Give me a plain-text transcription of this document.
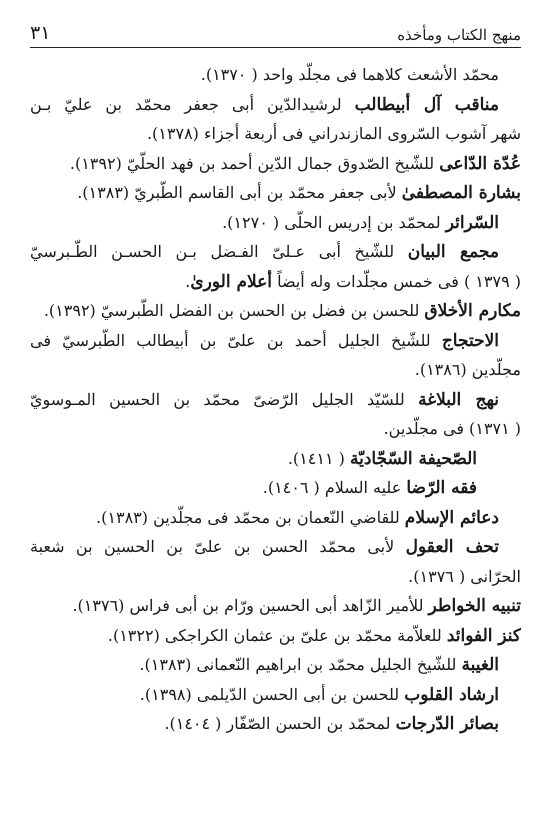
منهج الكتاب ومأخذه
٣١
محمّد الأشعث كلاهما فى مجلّد واحد ( ١٣٧٠).
مناقب آل أبيطالب لرشيدالدّين أبى جعفر محمّد بن عليّ بـن
شهر آشوب السّروى المازندراني فى أربعة أجزاء (١٣٧٨).
عُدّة الدّاعى للشّيخ الصّدوق جمال الدّين أحمد بن فهد الحلّيّ (١٣٩٢).
بشارة المصطفىٰ لأبى جعفر محمّد بن أبى القاسم الطّبريّ (١٣٨٣).
السّرائر لمحمّد بن إدريس الحلّى ( ١٢٧٠).
مجمع البيان للشّيخ أبى عـلىّ الفـضل بـن الحسـن الطّـبرسيّ
( ١٣٧٩ ) فى خمس مجلّدات وله أيضاً أعلام الورىٰ.
مكارم الأخلاق للحسن بن فضل بن الحسن بن الفضل الطّبرسيّ (١٣٩٢).
الاحتجاج للشّيخ الجليل أحمد بن علىّ بن أبيطالب الطّبرسيّ فى
مجلّدين (١٣٨٦).
نهج البلاغة للسّيّد الجليل الرّضىّ محمّد بن الحسين المـوسويّ
( ١٣٧١) فى مجلّدين.
الصّحيفة السّجّاديّة ( ١٤١١).
فقه الرّضا عليه السلام ( ١٤٠٦).
دعائم الإسلام للقاضي النّعمان بن محمّد فى مجلّدين (١٣٨٣).
تحف العقول لأبى محمّد الحسن بن علىّ بن الحسين بن شعبة
الحرّانى ( ١٣٧٦).
تنبيه الخواطر للأمير الزّاهد أبى الحسين ورّام بن أبى فراس (١٣٧٦).
كنز الفوائد للعلاّمة محمّد بن علىّ بن عثمان الكراجكى (١٣٢٢).
الغيبة للشّيخ الجليل محمّد بن ابراهيم النّعمانى (١٣٨٣).
ارشاد القلوب للحسن بن أبى الحسن الدّيلمى (١٣٩٨).
بصائر الدّرجات لمحمّد بن الحسن الصّفّار ( ١٤٠٤).
